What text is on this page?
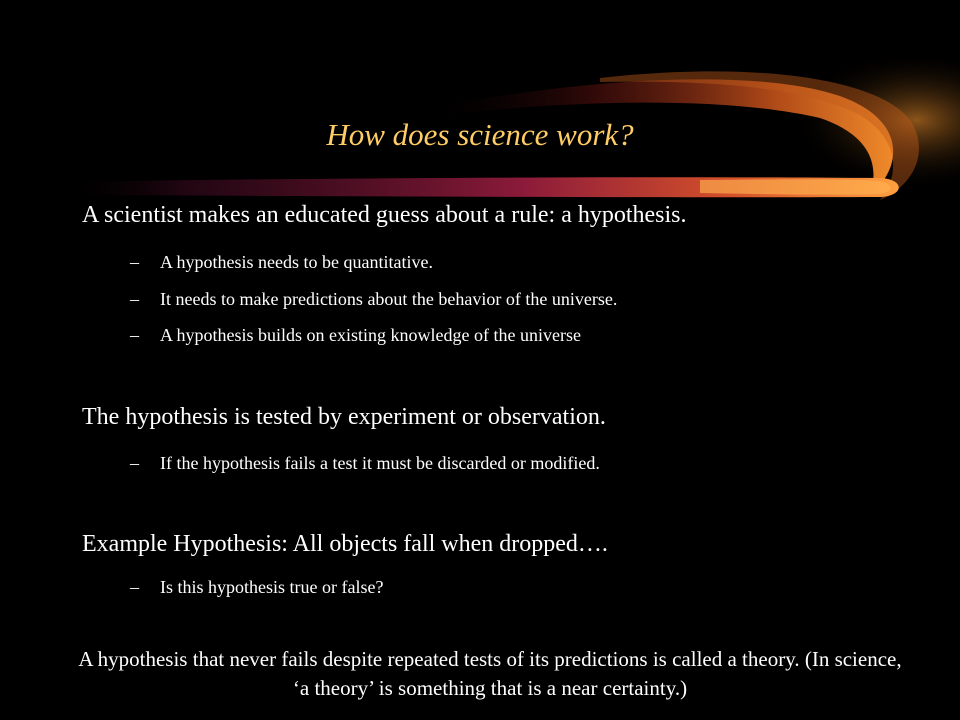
How does science work?
A scientist makes an educated guess about a rule: a hypothesis.
– A hypothesis needs to be quantitative.
– It needs to make predictions about the behavior of the universe.
– A hypothesis builds on existing knowledge of the universe
The hypothesis is tested by experiment or observation.
– If the hypothesis fails a test it must be discarded or modified.
Example Hypothesis: All objects fall when dropped….
– Is this hypothesis true or false?
A hypothesis that never fails despite repeated tests of its predictions is called a theory. (In science, ‘a theory’ is something that is a near certainty.)
